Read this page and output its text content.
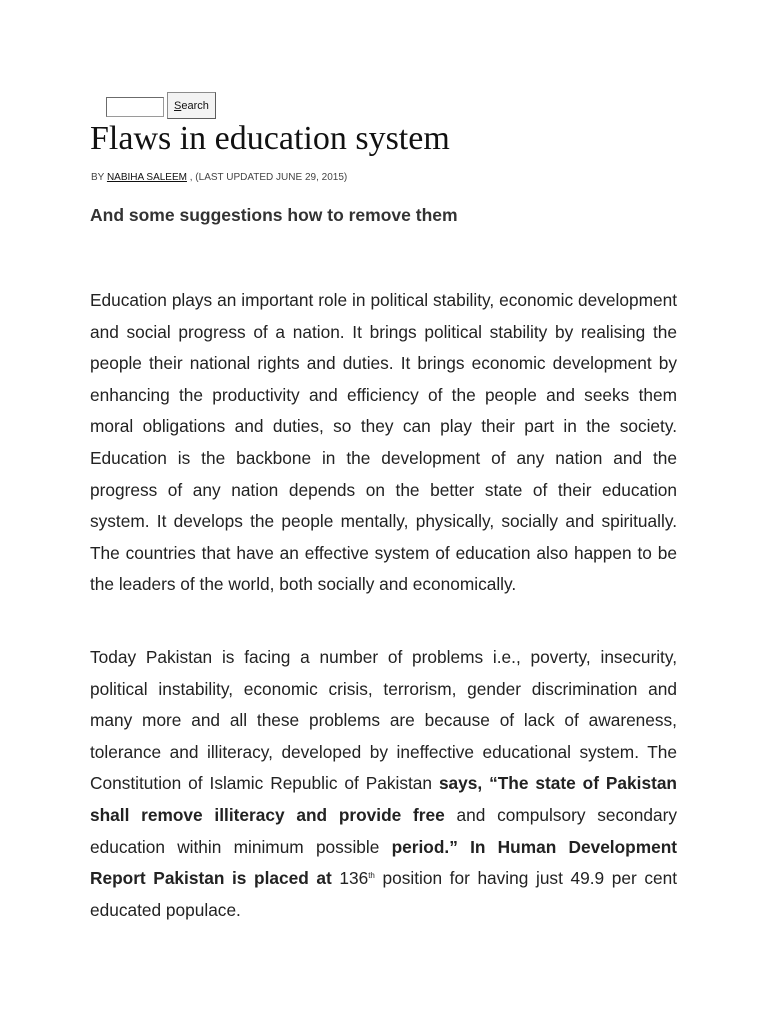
Search
Flaws in education system
BY NABIHA SALEEM , (LAST UPDATED JUNE 29, 2015)
And some suggestions how to remove them

Education plays an important role in political stability, economic development and social progress of a nation. It brings political stability by realising the people their national rights and duties. It brings economic development by enhancing the productivity and efficiency of the people and seeks them moral obligations and duties, so they can play their part in the society. Education is the backbone in the development of any nation and the progress of any nation depends on the better state of their education system. It develops the people mentally, physically, socially and spiritually. The countries that have an effective system of education also happen to be the leaders of the world, both socially and economically.

Today Pakistan is facing a number of problems i.e., poverty, insecurity, political instability, economic crisis, terrorism, gender discrimination and many more and all these problems are because of lack of awareness, tolerance and illiteracy, developed by ineffective educational system. The Constitution of Islamic Republic of Pakistan says, “The state of Pakistan shall remove illiteracy and provide free and compulsory secondary education within minimum possible period.” In Human Development Report Pakistan is placed at 136th position for having just 49.9 per cent educated populace.
